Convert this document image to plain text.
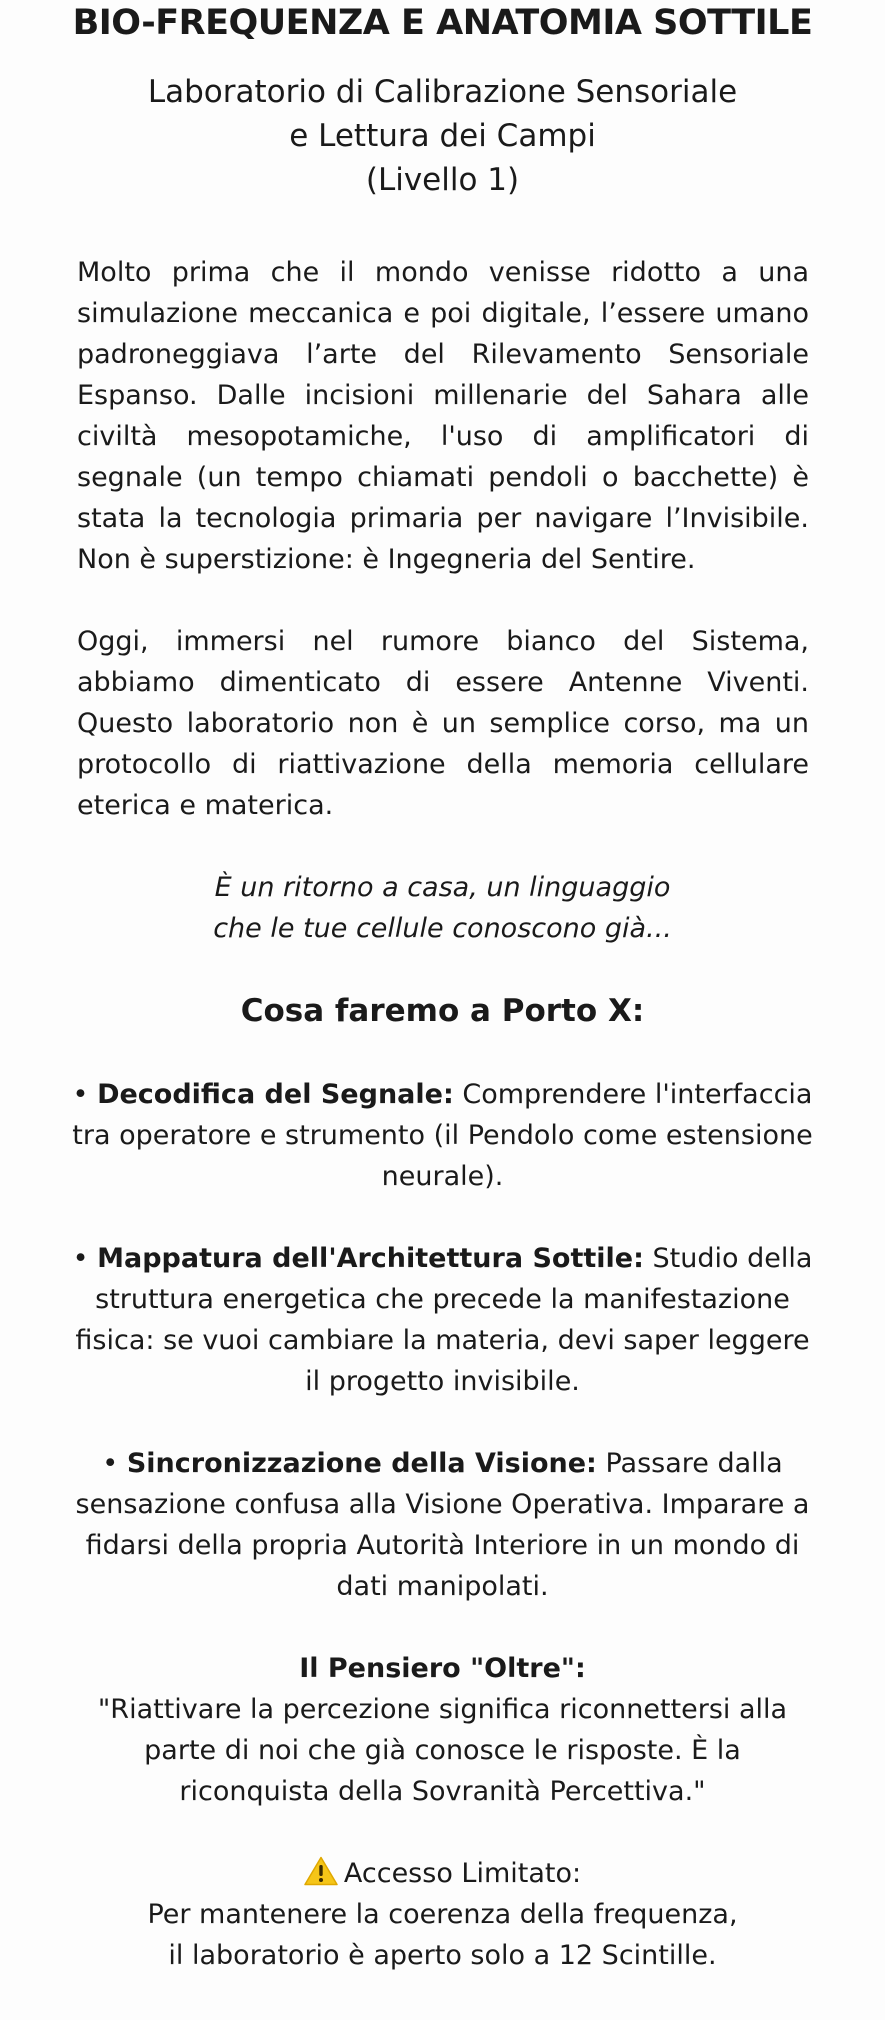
BIO-FREQUENZA E ANATOMIA SOTTILE
Laboratorio di Calibrazione Sensoriale
e Lettura dei Campi
(Livello 1)

Molto prima che il mondo venisse ridotto a una simulazione meccanica e poi digitale, l’essere umano padroneggiava l’arte del Rilevamento Sensoriale Espanso. Dalle incisioni millenarie del Sahara alle civiltà mesopotamiche, l'uso di amplificatori di segnale (un tempo chiamati pendoli o bacchette) è stata la tecnologia primaria per navigare l’Invisibile. Non è superstizione: è Ingegneria del Sentire.

Oggi, immersi nel rumore bianco del Sistema, abbiamo dimenticato di essere Antenne Viventi. Questo laboratorio non è un semplice corso, ma un protocollo di riattivazione della memoria cellulare eterica e materica.

È un ritorno a casa, un linguaggio
che le tue cellule conoscono già...
Cosa faremo a Porto X:

• Decodifica del Segnale: Comprendere l'interfaccia tra operatore e strumento (il Pendolo come estensione neurale).

• Mappatura dell'Architettura Sottile: Studio della struttura energetica che precede la manifestazione fisica: se vuoi cambiare la materia, devi saper leggere il progetto invisibile.

• Sincronizzazione della Visione: Passare dalla sensazione confusa alla Visione Operativa. Imparare a fidarsi della propria Autorità Interiore in un mondo di dati manipolati.

Il Pensiero "Oltre":
"Riattivare la percezione significa riconnettersi alla parte di noi che già conosce le risposte. È la riconquista della Sovranità Percettiva."
Accesso Limitato:
Per mantenere la coerenza della frequenza,
il laboratorio è aperto solo a 12 Scintille.
